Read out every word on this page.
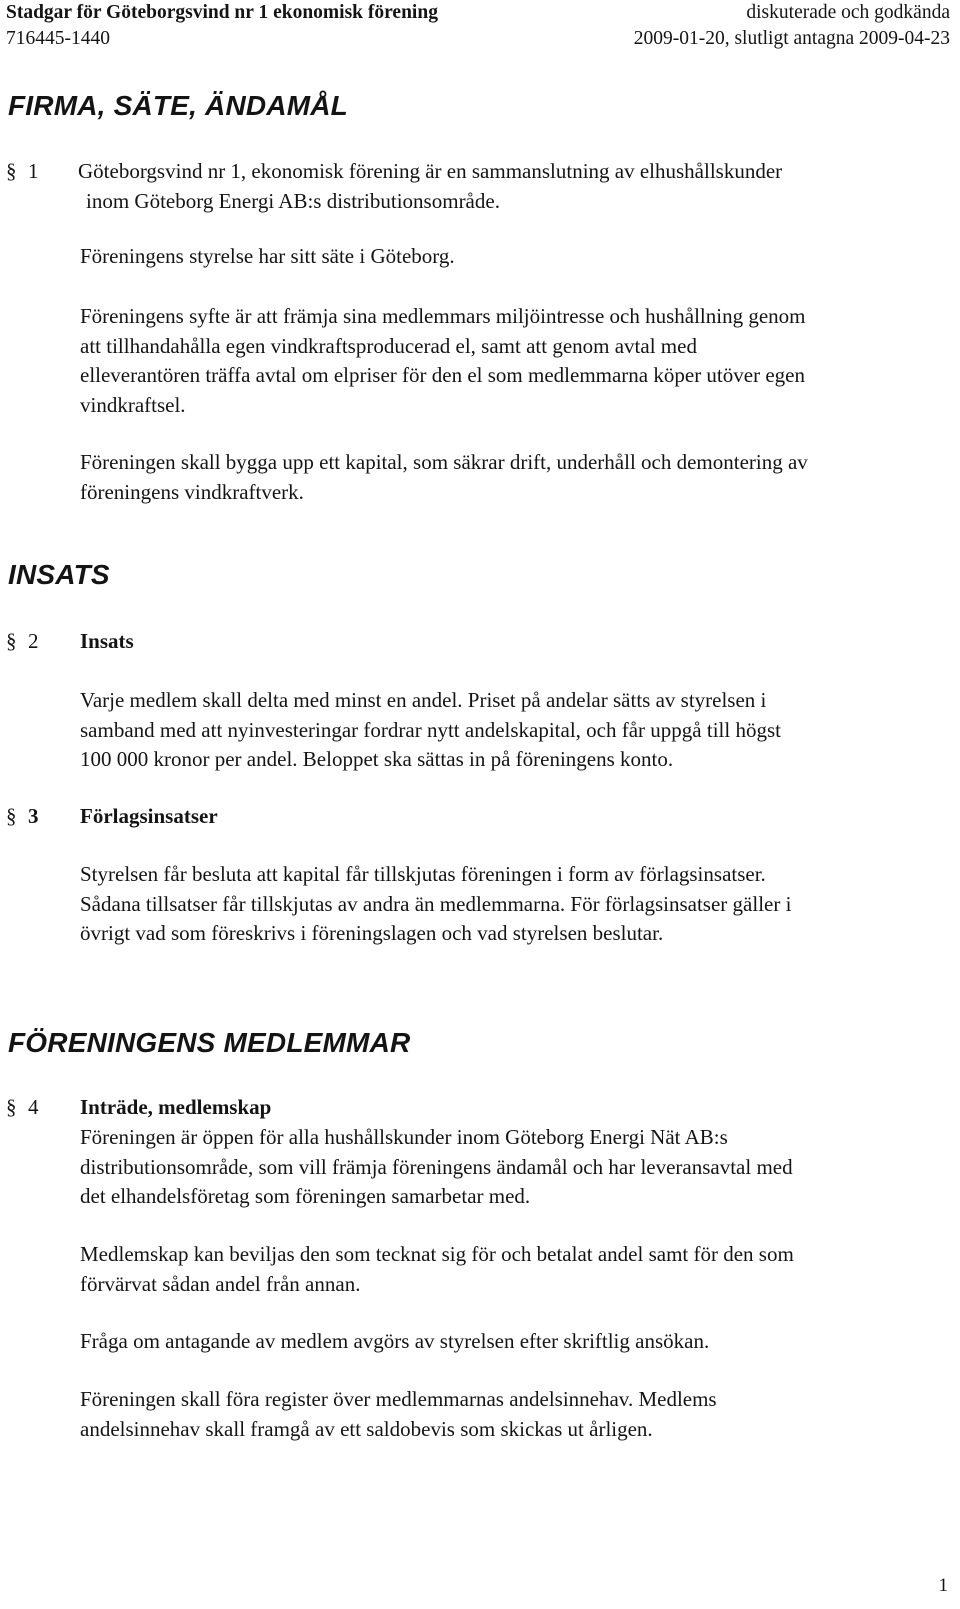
Stadgar för Göteborgsvind nr 1 ekonomisk förening	diskuterade och godkända
716445-1440	2009-01-20, slutligt antagna 2009-04-23
FIRMA, SÄTE, ÄNDAMÅL
§ 1 Göteborgsvind nr 1, ekonomisk förening är en sammanslutning av elhushållskunder
inom Göteborg Energi AB:s distributionsområde.
Föreningens styrelse har sitt säte i Göteborg.
Föreningens syfte är att främja sina medlemmars miljöintresse och hushållning genom
att tillhandahålla egen vindkraftsproducerad el, samt att genom avtal med
elleverantören träffa avtal om elpriser för den el som medlemmarna köper utöver egen
vindkraftsel.
Föreningen skall bygga upp ett kapital, som säkrar drift, underhåll och demontering av
föreningens vindkraftverk.
INSATS
§ 2 Insats
Varje medlem skall delta med minst en andel. Priset på andelar sätts av styrelsen i
samband med att nyinvesteringar fordrar nytt andelskapital, och får uppgå till högst
100 000 kronor per andel. Beloppet ska sättas in på föreningens konto.
§ 3 Förlagsinsatser
Styrelsen får besluta att kapital får tillskjutas föreningen i form av förlagsinsatser.
Sådana tillsatser får tillskjutas av andra än medlemmarna. För förlagsinsatser gäller i
övrigt vad som föreskrivs i föreningslagen och vad styrelsen beslutar.
FÖRENINGENS MEDLEMMAR
§ 4 Inträde, medlemskap
Föreningen är öppen för alla hushållskunder inom Göteborg Energi Nät AB:s
distributionsområde, som vill främja föreningens ändamål och har leveransavtal med
det elhandelsföretag som föreningen samarbetar med.
Medlemskap kan beviljas den som tecknat sig för och betalat andel samt för den som
förvärvat sådan andel från annan.
Fråga om antagande av medlem avgörs av styrelsen efter skriftlig ansökan.
Föreningen skall föra register över medlemmarnas andelsinnehav. Medlems
andelsinnehav skall framgå av ett saldobevis som skickas ut årligen.
1
